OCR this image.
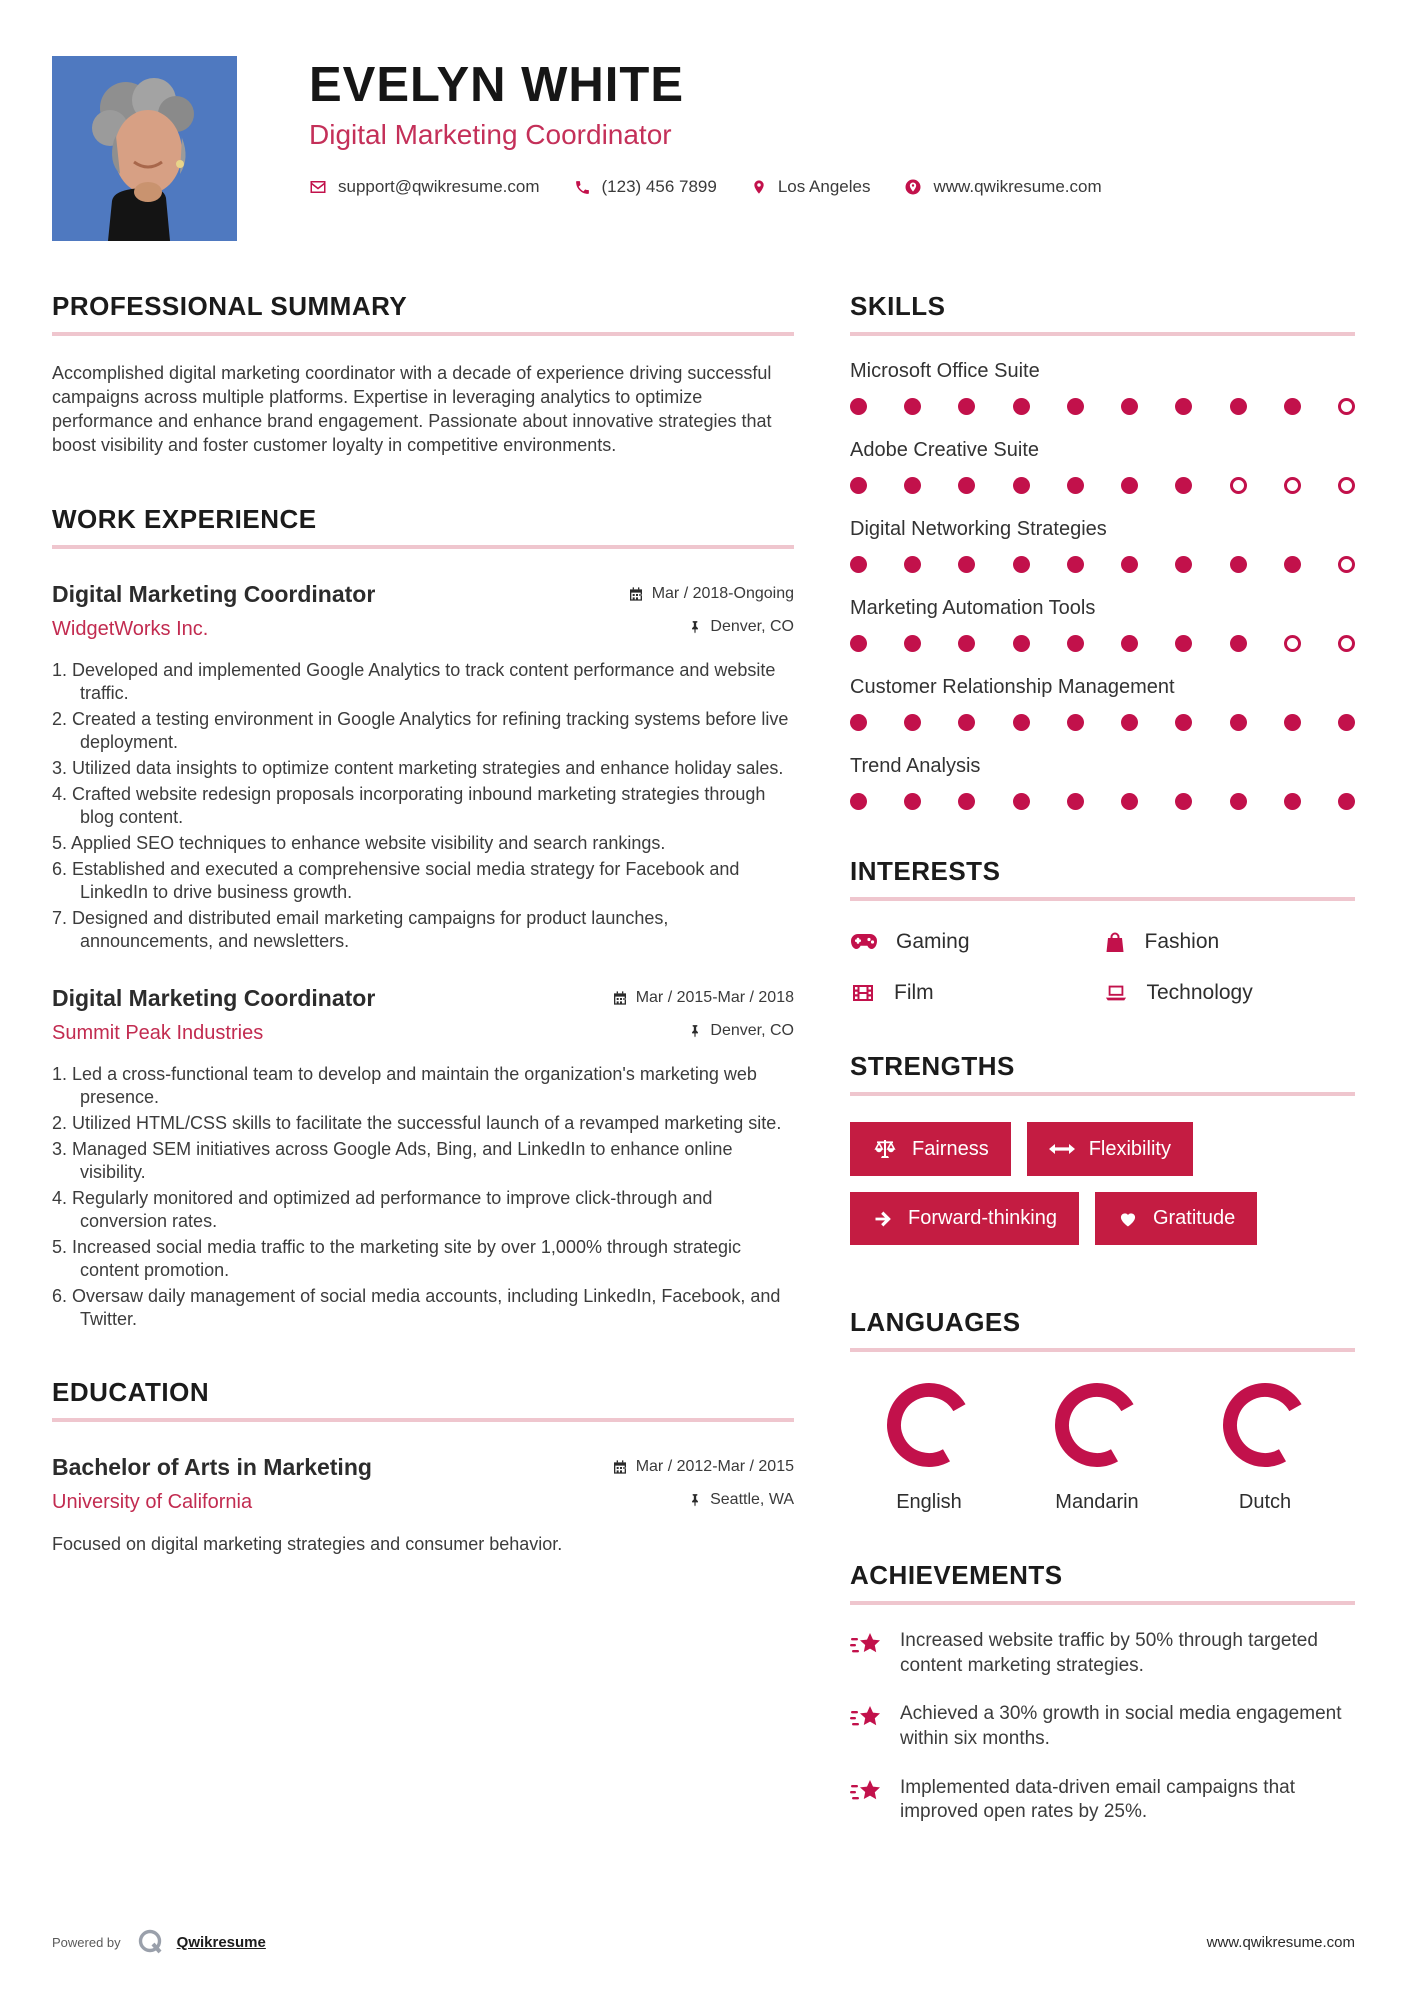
EVELYN WHITE
Digital Marketing Coordinator
support@qwikresume.com	(123) 456 7899	Los Angeles	www.qwikresume.com
PROFESSIONAL SUMMARY
Accomplished digital marketing coordinator with a decade of experience driving successful campaigns across multiple platforms. Expertise in leveraging analytics to optimize performance and enhance brand engagement. Passionate about innovative strategies that boost visibility and foster customer loyalty in competitive environments.
WORK EXPERIENCE
Digital Marketing Coordinator	Mar / 2018-Ongoing
WidgetWorks Inc.	Denver, CO
Developed and implemented Google Analytics to track content performance and website traffic.
Created a testing environment in Google Analytics for refining tracking systems before live deployment.
Utilized data insights to optimize content marketing strategies and enhance holiday sales.
Crafted website redesign proposals incorporating inbound marketing strategies through blog content.
Applied SEO techniques to enhance website visibility and search rankings.
Established and executed a comprehensive social media strategy for Facebook and LinkedIn to drive business growth.
Designed and distributed email marketing campaigns for product launches, announcements, and newsletters.
Digital Marketing Coordinator	Mar / 2015-Mar / 2018
Summit Peak Industries	Denver, CO
Led a cross-functional team to develop and maintain the organization's marketing web presence.
Utilized HTML/CSS skills to facilitate the successful launch of a revamped marketing site.
Managed SEM initiatives across Google Ads, Bing, and LinkedIn to enhance online visibility.
Regularly monitored and optimized ad performance to improve click-through and conversion rates.
Increased social media traffic to the marketing site by over 1,000% through strategic content promotion.
Oversaw daily management of social media accounts, including LinkedIn, Facebook, and Twitter.
EDUCATION
Bachelor of Arts in Marketing	Mar / 2012-Mar / 2015
University of California	Seattle, WA
Focused on digital marketing strategies and consumer behavior.
SKILLS
Microsoft Office Suite
Adobe Creative Suite
Digital Networking Strategies
Marketing Automation Tools
Customer Relationship Management
Trend Analysis
INTERESTS
Gaming	Fashion
Film	Technology
STRENGTHS
Fairness	Flexibility
Forward-thinking	Gratitude
LANGUAGES
English	Mandarin	Dutch
ACHIEVEMENTS

Increased website traffic by 50% through targeted content marketing strategies.

Achieved a 30% growth in social media engagement within six months.

Implemented data-driven email campaigns that improved open rates by 25%.

Powered by	Qwikresume	www.qwikresume.com
